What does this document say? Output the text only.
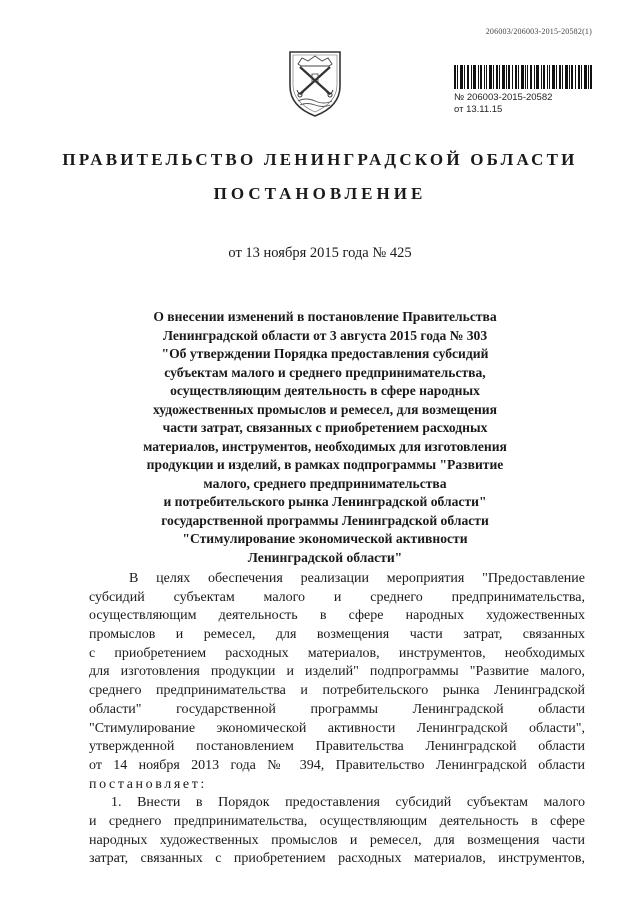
206003/206003-2015-20582(1)
№ 206003-2015-20582
от 13.11.15
ПРАВИТЕЛЬСТВО ЛЕНИНГРАДСКОЙ ОБЛАСТИ
ПОСТАНОВЛЕНИЕ
от 13 ноября 2015 года № 425
О внесении изменений в постановление Правительства
Ленинградской области от 3 августа 2015 года № 303
"Об утверждении Порядка предоставления субсидий
субъектам малого и среднего предпринимательства,
осуществляющим деятельность в сфере народных
художественных промыслов и ремесел, для возмещения
части затрат, связанных с приобретением расходных
материалов, инструментов, необходимых для изготовления
продукции и изделий, в рамках подпрограммы "Развитие
малого, среднего предпринимательства
и потребительского рынка Ленинградской области"
государственной программы Ленинградской области
"Стимулирование экономической активности
Ленинградской области"
В целях обеспечения реализации мероприятия "Предоставление
субсидий субъектам малого и среднего предпринимательства,
осуществляющим деятельность в сфере народных художественных
промыслов и ремесел, для возмещения части затрат, связанных
с приобретением расходных материалов, инструментов, необходимых
для изготовления продукции и изделий" подпрограммы "Развитие малого,
среднего предпринимательства и потребительского рынка Ленинградской
области" государственной программы Ленинградской области
"Стимулирование экономической активности Ленинградской области",
утвержденной постановлением Правительства Ленинградской области
от 14 ноября 2013 года № 394, Правительство Ленинградской области
постановляет:
1. Внести в Порядок предоставления субсидий субъектам малого
и среднего предпринимательства, осуществляющим деятельность в сфере
народных художественных промыслов и ремесел, для возмещения части
затрат, связанных с приобретением расходных материалов, инструментов,
